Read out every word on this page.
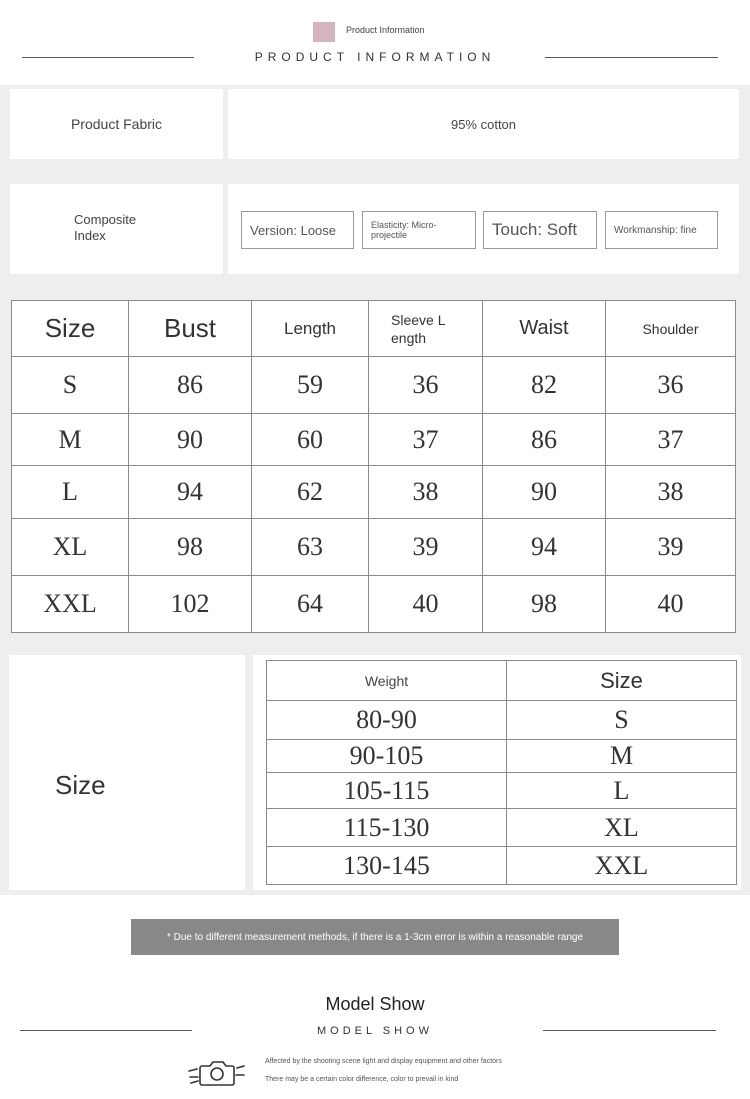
Product Information
PRODUCT INFORMATION
Product Fabric	95% cotton
Composite
Index	Version: Loose	Elasticity: Micro-projectile	Touch: Soft	Workmanship: fine
Size	Bust	Length	Sleeve L ength	Waist	Shoulder
S	86	59	36	82	36
M	90	60	37	86	37
L	94	62	38	90	38
XL	98	63	39	94	39
XXL	102	64	40	98	40
Size
Weight	Size
80-90	S
90-105	M
105-115	L
115-130	XL
130-145	XXL
* Due to different measurement methods, if there is a 1-3cm error is within a reasonable range
Model Show
MODEL SHOW
Affected by the shooting scene light and display equipment and other factors
There may be a certain color difference, color to prevail in kind
